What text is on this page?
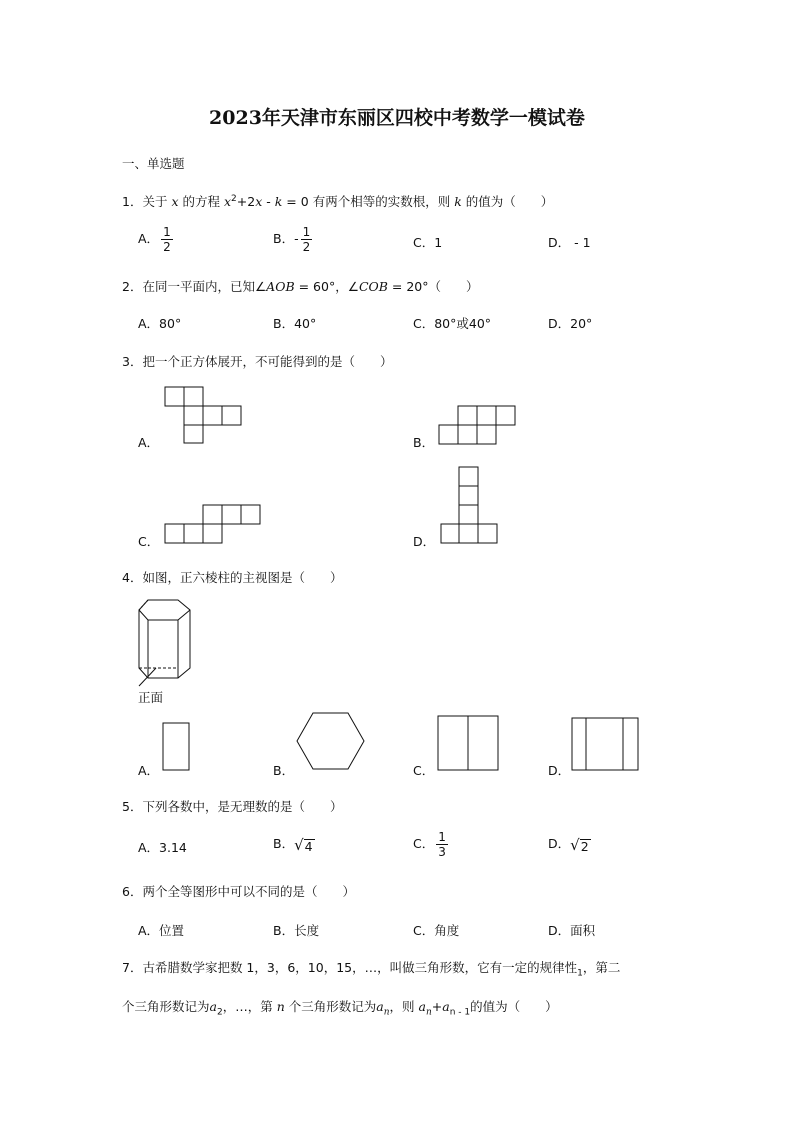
2023年天津市东丽区四校中考数学一模试卷
一、单选题
1．关于 x 的方程 $x^2+2x - k = 0$ 有两个相等的实数根，则 k 的值为（　　）
A． $\frac{1}{2}$	B．- $\frac{1}{2}$	C．1	D． - 1
2．在同一平面内，已知∠AOB = 60°，∠COB = 20°（　　）
A．80°	B．40°	C．80°或40°	D．20°
3．把一个正方体展开，不可能得到的是（　　）
A．	B．
C．	D．
4．如图，正六棱柱的主视图是（　　）
正面
A．	B．	C．	D．
5．下列各数中，是无理数的是（　　）
A．3.14	B． √ 4	C． $\frac{1}{3}$	D． √ 2
6．两个全等图形中可以不同的是（　　）
A．位置	B．长度	C．角度	D．面积
7．古希腊数学家把数 1，3，6，10，15，…，叫做三角形数，它有一定的规律性$_1$，第二
个三角形数记为$a_2$，…，第 n 个三角形数记为$a_n$，则 $a_n+a_{n - 1}$的值为（　　）
